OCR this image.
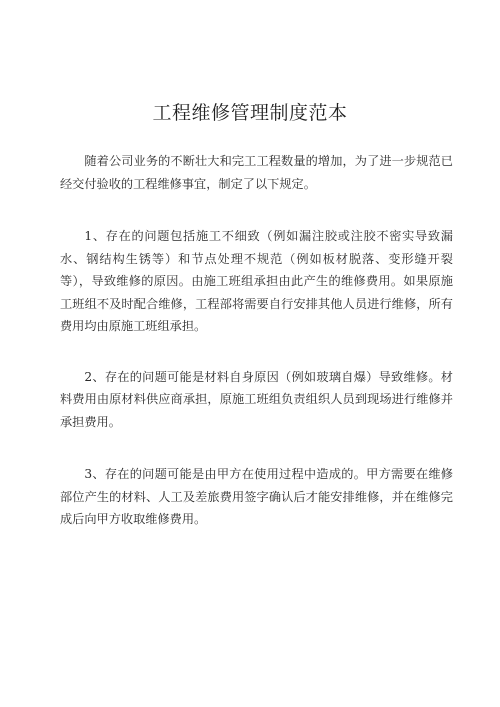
工程维修管理制度范本

随着公司业务的不断壮大和完工工程数量的增加，为了进一步规范已经交付验收的工程维修事宜，制定了以下规定。

1、存在的问题包括施工不细致（例如漏注胶或注胶不密实导致漏水、钢结构生锈等）和节点处理不规范（例如板材脱落、变形缝开裂等），导致维修的原因。由施工班组承担由此产生的维修费用。如果原施工班组不及时配合维修，工程部将需要自行安排其他人员进行维修，所有费用均由原施工班组承担。

2、存在的问题可能是材料自身原因（例如玻璃自爆）导致维修。材料费用由原材料供应商承担，原施工班组负责组织人员到现场进行维修并承担费用。

3、存在的问题可能是由甲方在使用过程中造成的。甲方需要在维修部位产生的材料、人工及差旅费用签字确认后才能安排维修，并在维修完成后向甲方收取维修费用。
